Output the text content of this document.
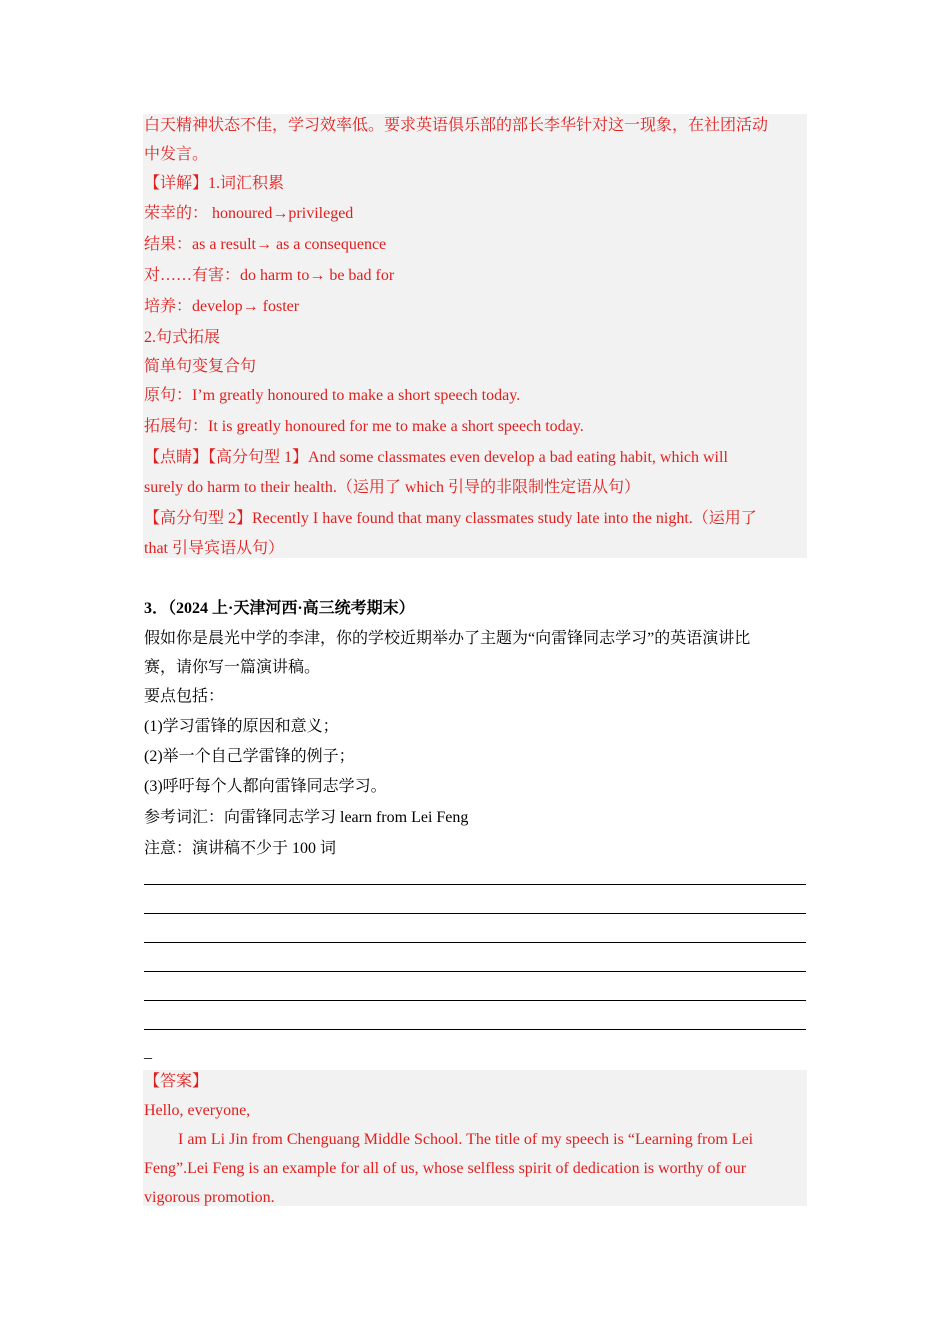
白天精神状态不佳，学习效率低。要求英语俱乐部的部长李华针对这一现象，在社团活动
中发言。
【详解】1.词汇积累
荣幸的： honoured→privileged
结果：as a result→ as a consequence
对……有害：do harm to→ be bad for
培养：develop→ foster
2.句式拓展
简单句变复合句
原句：I’m greatly honoured to make a short speech today.
拓展句：It is greatly honoured for me to make a short speech today.
【点睛】【高分句型 1】And some classmates even develop a bad eating habit, which will
surely do harm to their health.（运用了 which 引导的非限制性定语从句）
【高分句型 2】Recently I have found that many classmates study late into the night.（运用了
that 引导宾语从句）
3．（2024 上·天津河西·高三统考期末）
假如你是晨光中学的李津，你的学校近期举办了主题为“向雷锋同志学习”的英语演讲比
赛，请你写一篇演讲稿。
要点包括：
(1)学习雷锋的原因和意义；
(2)举一个自己学雷锋的例子；
(3)呼吁每个人都向雷锋同志学习。
参考词汇：向雷锋同志学习 learn from Lei Feng
注意：演讲稿不少于 100 词
_
【答案】
Hello, everyone,
I am Li Jin from Chenguang Middle School. The title of my speech is “Learning from Lei
Feng”.Lei Feng is an example for all of us, whose selfless spirit of dedication is worthy of our
vigorous promotion.
